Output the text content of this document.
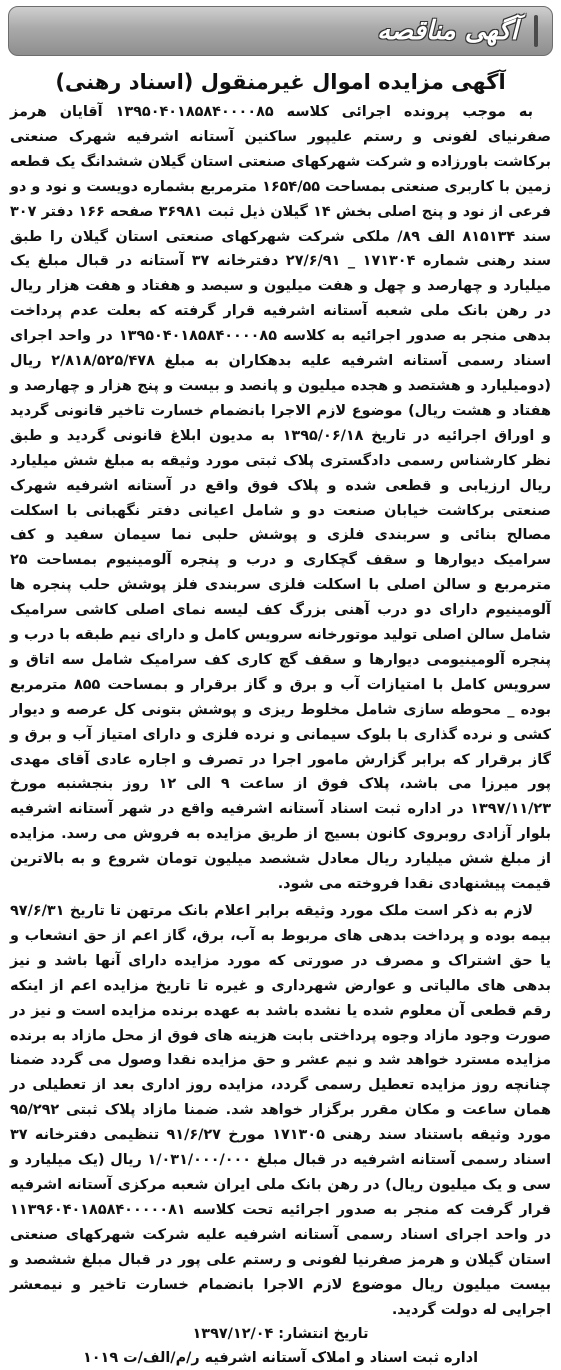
آگهی مناقصه
آگهی مزایده اموال غیرمنقول (اسناد رهنی)

به موجب پرونده اجرائی کلاسه ۱۳۹۵۰۴۰۱۸۵۸۴۰۰۰۰۸۵ آقایان هرمز صفرنیای لفونی و رستم علیپور ساکنین آستانه اشرفیه شهرک صنعتی برکاشت باورزاده و شرکت شهرکهای صنعتی استان گیلان ششدانگ یک قطعه زمین با کاربری صنعتی بمساحت ۱۶۵۴/۵۵ مترمربع بشماره دویست و نود و دو فرعی از نود و پنج اصلی بخش ۱۴ گیلان ذیل ثبت ۳۶۹۸۱ صفحه ۱۶۶ دفتر ۳۰۷ سند ۸۱۵۱۳۴ الف ۸۹/ ملکی شرکت شهرکهای صنعتی استان گیلان را طبق سند رهنی شماره ۱۷۱۳۰۴ _ ۲۷/۶/۹۱ دفترخانه ۳۷ آستانه در قبال مبلغ یک میلیارد و چهارصد و چهل و هفت میلیون و سیصد و هفتاد و هفت هزار ریال در رهن بانک ملی شعبه آستانه اشرفیه قرار گرفته که بعلت عدم پرداخت بدهی منجر به صدور اجرائیه به کلاسه ۱۳۹۵۰۴۰۱۸۵۸۴۰۰۰۰۸۵ در واحد اجرای اسناد رسمی آستانه اشرفیه علیه بدهکاران به مبلغ ۲/۸۱۸/۵۲۵/۴۷۸ ریال (دومیلیارد و هشتصد و هجده میلیون و پانصد و بیست و پنج هزار و چهارصد و هفتاد و هشت ریال) موضوع لازم الاجرا بانضمام خسارت تاخیر قانونی گردید و اوراق اجرائیه در تاریخ ۱۳۹۵/۰۶/۱۸ به مدیون ابلاغ قانونی گردید و طبق نظر کارشناس رسمی دادگستری پلاک ثبتی مورد وثیقه به مبلغ شش میلیارد ریال ارزیابی و قطعی شده و پلاک فوق واقع در آستانه اشرفیه شهرک صنعتی برکاشت خیابان صنعت دو و شامل اعیانی دفتر نگهبانی با اسکلت مصالح بنائی و سربندی فلزی و پوشش حلبی نما سیمان سفید و کف سرامیک دیوارها و سقف گچکاری و درب و پنجره آلومینیوم بمساحت ۲۵ مترمربع و سالن اصلی با اسکلت فلزی سربندی فلز پوشش حلب پنجره ها آلومینیوم دارای دو درب آهنی بزرگ کف لیسه نمای اصلی کاشی سرامیک شامل سالن اصلی تولید موتورخانه سرویس کامل و دارای نیم طبقه با درب و پنجره آلومینیومی دیوارها و سقف گچ کاری کف سرامیک شامل سه اتاق و سرویس کامل با امتیازات آب و برق و گاز برقرار و بمساحت ۸۵۵ مترمربع بوده _ محوطه سازی شامل مخلوط ریزی و پوشش بتونی کل عرصه و دیوار کشی و نرده گذاری با بلوک سیمانی و نرده فلزی و دارای امتیاز آب و برق و گاز برقرار که برابر گزارش مامور اجرا در تصرف و اجاره عادی آقای مهدی پور میرزا می باشد، پلاک فوق از ساعت ۹ الی ۱۲ روز بنجشنبه مورخ ۱۳۹۷/۱۱/۲۳ در اداره ثبت اسناد آستانه اشرفیه واقع در شهر آستانه اشرفیه بلوار آزادی روبروی کانون بسیج از طریق مزایده به فروش می رسد. مزایده از مبلغ شش میلیارد ریال معادل ششصد میلیون تومان شروع و به بالاترین قیمت پیشنهادی نقدا فروخته می شود.

لازم به ذکر است ملک مورد وثیقه برابر اعلام بانک مرتهن تا تاریخ ۹۷/۶/۳۱ بیمه بوده و پرداخت بدهی های مربوط به آب، برق، گاز اعم از حق انشعاب و یا حق اشتراک و مصرف در صورتی که مورد مزایده دارای آنها باشد و نیز بدهی های مالیاتی و عوارض شهرداری و غیره تا تاریخ مزایده اعم از اینکه رقم قطعی آن معلوم شده یا نشده باشد به عهده برنده مزایده است و نیز در صورت وجود مازاد وجوه پرداختی بابت هزینه های فوق از محل مازاد به برنده مزایده مسترد خواهد شد و نیم عشر و حق مزایده نقدا وصول می گردد ضمنا چنانچه روز مزایده تعطیل رسمی گردد، مزایده روز اداری بعد از تعطیلی در همان ساعت و مکان مقرر برگزار خواهد شد. ضمنا مازاد پلاک ثبتی ۹۵/۲۹۲ مورد وثیقه باستناد سند رهنی ۱۷۱۳۰۵ مورخ ۹۱/۶/۲۷ تنظیمی دفترخانه ۳۷ اسناد رسمی آستانه اشرفیه در قبال مبلغ ۱/۰۳۱/۰۰۰/۰۰۰ ریال (یک میلیارد و سی و یک میلیون ریال) در رهن بانک ملی ایران شعبه مرکزی آستانه اشرفیه قرار گرفت که منجر به صدور اجرائیه تحت کلاسه ۱۱۳۹۶۰۴۰۱۸۵۸۴۰۰۰۰۰۸۱ در واحد اجرای اسناد رسمی آستانه اشرفیه علیه شرکت شهرکهای صنعتی استان گیلان و هرمز صفرنیا لفونی و رستم علی پور در قبال مبلغ ششصد و بیست میلیون ریال موضوع لازم الاجرا بانضمام خسارت تاخیر و نیمعشر اجرایی له دولت گردید.

تاریخ انتشار: ۱۳۹۷/۱۲/۰۴
اداره ثبت اسناد و املاک آستانه اشرفیه ر/م/الف/ت ۱۰۱۹
